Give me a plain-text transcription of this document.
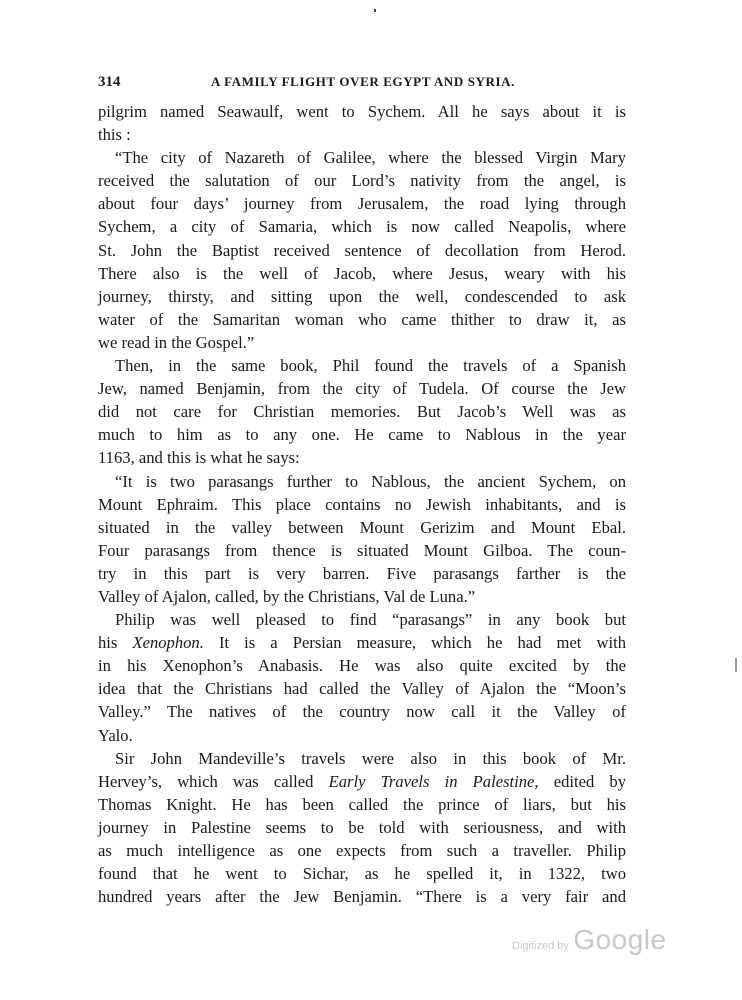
314	A FAMILY FLIGHT OVER EGYPT AND SYRIA.
pilgrim named Seawaulf, went to Sychem. All he says about it is
this :
“The city of Nazareth of Galilee, where the blessed Virgin Mary
received the salutation of our Lord’s nativity from the angel, is
about four days’ journey from Jerusalem, the road lying through
Sychem, a city of Samaria, which is now called Neapolis, where
St. John the Baptist received sentence of decollation from Herod.
There also is the well of Jacob, where Jesus, weary with his
journey, thirsty, and sitting upon the well, condescended to ask
water of the Samaritan woman who came thither to draw it, as
we read in the Gospel.”
Then, in the same book, Phil found the travels of a Spanish
Jew, named Benjamin, from the city of Tudela. Of course the Jew
did not care for Christian memories. But Jacob’s Well was as
much to him as to any one. He came to Nablous in the year
1163, and this is what he says:
“It is two parasangs further to Nablous, the ancient Sychem, on
Mount Ephraim. This place contains no Jewish inhabitants, and is
situated in the valley between Mount Gerizim and Mount Ebal.
Four parasangs from thence is situated Mount Gilboa. The coun-
try in this part is very barren. Five parasangs farther is the
Valley of Ajalon, called, by the Christians, Val de Luna.”
Philip was well pleased to find “parasangs” in any book but
his Xenophon. It is a Persian measure, which he had met with
in his Xenophon’s Anabasis. He was also quite excited by the
idea that the Christians had called the Valley of Ajalon the “Moon’s
Valley.” The natives of the country now call it the Valley of
Yalo.
Sir John Mandeville’s travels were also in this book of Mr.
Hervey’s, which was called Early Travels in Palestine, edited by
Thomas Knight. He has been called the prince of liars, but his
journey in Palestine seems to be told with seriousness, and with
as much intelligence as one expects from such a traveller. Philip
found that he went to Sichar, as he spelled it, in 1322, two
hundred years after the Jew Benjamin. “There is a very fair and
Digitized by Google
